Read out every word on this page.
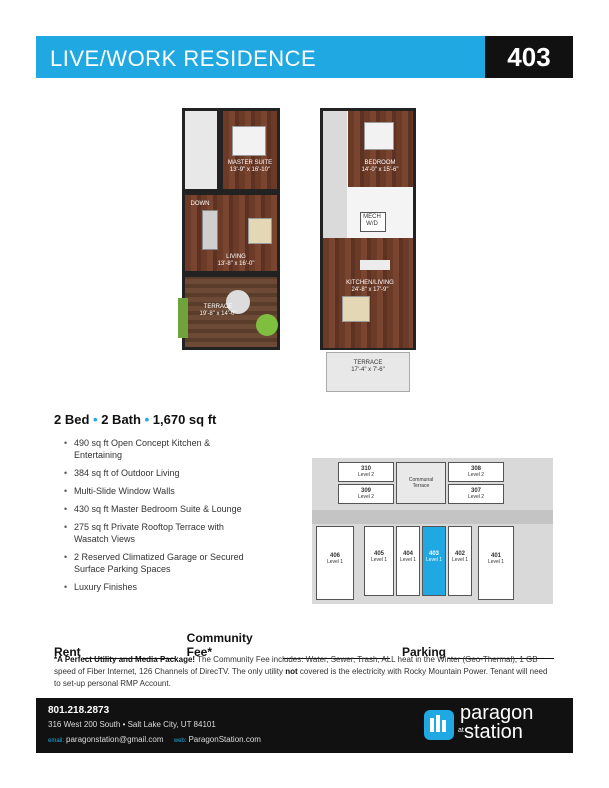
LIVE/WORK RESIDENCE	403
MASTER SUITE
13'-9" x 16'-10"
DOWN
LIVING
13'-8" x 16'-0"
TERRACE
19'-8" x 14'-0"
BEDROOM
14'-0" x 15'-6"
MECH
W/D
KITCHEN/LIVING
24'-8" x 17'-9"
TERRACE
17'-4" x 7'-6"
2 Bed • 2 Bath • 1,670 sq ft
• 490 sq ft Open Concept Kitchen & Entertaining
• 384 sq ft of Outdoor Living
• Multi-Slide Window Walls
• 430 sq ft Master Bedroom Suite & Lounge
• 275 sq ft Private Rooftop Terrace with Wasatch Views
• 2 Reserved Climatized Garage or Secured Surface Parking Spaces
• Luxury Finishes
310
Level 2
309
Level 2
Communal Terrace
308
Level 2
307
Level 2
406
Level 1
405
Level 1
404
Level 1
403
Level 1
402
Level 1
401
Level 1
Rent
Community Fee*	Parking
*A Perfect Utility and Media Package! The Community Fee includes: Water, Sewer, Trash, ALL heat in the Winter (Geo-Thermal), 1 GB speed of Fiber Internet, 126 Channels of DirecTV. The only utility not covered is the electricity with Rocky Mountain Power. Tenant will need to set-up personal RMP Account.
801.218.2873
316 West 200 South • Salt Lake City, UT 84101
email: paragonstation@gmail.com web: ParagonStation.com
paragon
at station
